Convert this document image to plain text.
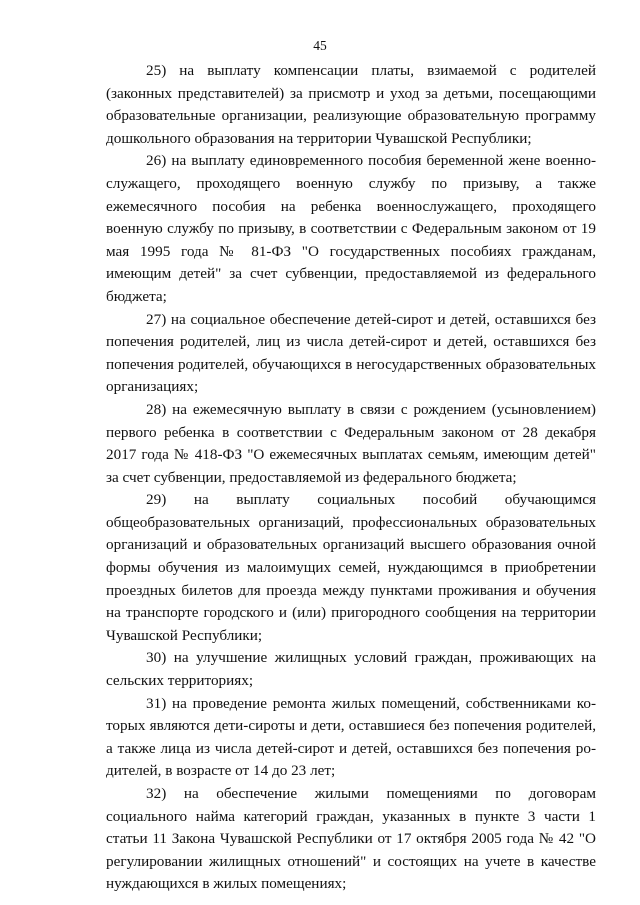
45

25) на выплату компенсации платы, взимаемой с родителей (законных представителей) за присмотр и уход за детьми, посещающими образовательные организации, реализующие образовательную программу дошкольного образования на территории Чувашской Республики;

26) на выплату единовременного пособия беременной жене военнослужащего, проходящего военную службу по призыву, а также ежемесячного пособия на ребенка военнослужащего, проходящего военную службу по призыву, в соответствии с Федеральным законом от 19 мая 1995 года № 81-ФЗ "О государственных пособиях гражданам, имеющим детей" за счет субвенции, предоставляемой из федерального бюджета;

27) на социальное обеспечение детей-сирот и детей, оставшихся без попечения родителей, лиц из числа детей-сирот и детей, оставшихся без попечения родителей, обучающихся в негосударственных образовательных организациях;

28) на ежемесячную выплату в связи с рождением (усыновлением) первого ребенка в соответствии с Федеральным законом от 28 декабря 2017 года № 418-ФЗ "О ежемесячных выплатах семьям, имеющим детей" за счет субвенции, предоставляемой из федерального бюджета;

29) на выплату социальных пособий обучающимся общеобразовательных организаций, профессиональных образовательных организаций и образовательных организаций высшего образования очной формы обучения из малоимущих семей, нуждающимся в приобретении проездных билетов для проезда между пунктами проживания и обучения на транспорте городского и (или) пригородного сообщения на территории Чувашской Республики;

30) на улучшение жилищных условий граждан, проживающих на сельских территориях;

31) на проведение ремонта жилых помещений, собственниками которых являются дети-сироты и дети, оставшиеся без попечения родителей, а также лица из числа детей-сирот и детей, оставшихся без попечения родителей, в возрасте от 14 до 23 лет;

32) на обеспечение жилыми помещениями по договорам социального найма категорий граждан, указанных в пункте 3 части 1 статьи 11 Закона Чувашской Республики от 17 октября 2005 года № 42 "О регулировании жилищных отношений" и состоящих на учете в качестве нуждающихся в жилых помещениях;
